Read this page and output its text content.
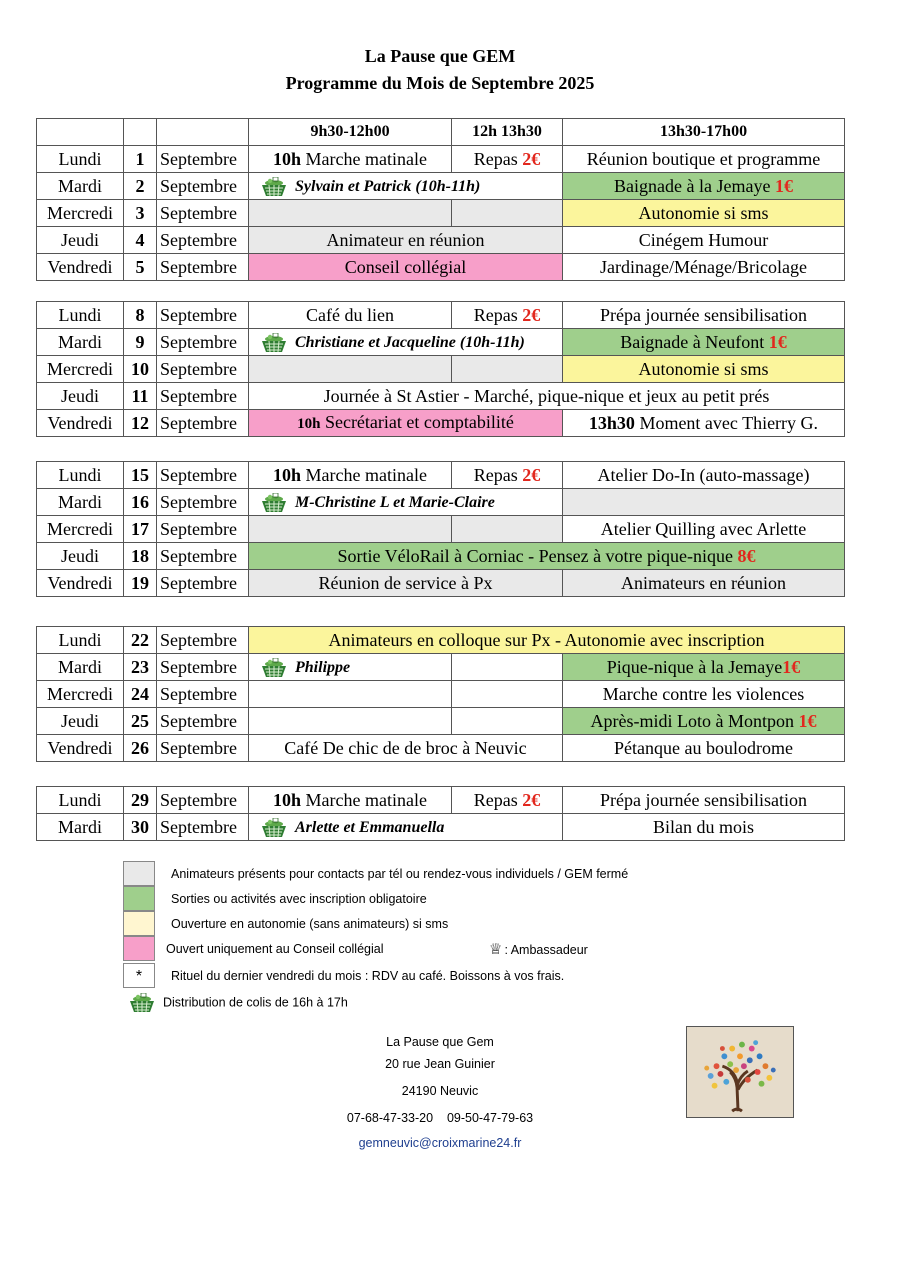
La Pause que GEM
Programme du Mois de Septembre 2025
			9h30-12h00	12h 13h30	13h30-17h00
Lundi	1	Septembre	10h Marche matinale	Repas 2€	Réunion boutique et programme
Mardi	2	Septembre	Sylvain et Patrick (10h-11h)		Baignade à la Jemaye 1€
Mercredi	3	Septembre			Autonomie si sms
Jeudi	4	Septembre	Animateur en réunion		Cinégem Humour
Vendredi	5	Septembre	Conseil collégial		Jardinage/Ménage/Bricolage
Lundi	8	Septembre	Café du lien	Repas 2€	Prépa journée sensibilisation
Mardi	9	Septembre	Christiane et Jacqueline (10h-11h)		Baignade à Neufont 1€
Mercredi	10	Septembre			Autonomie si sms
Jeudi	11	Septembre	Journée à St Astier - Marché, pique-nique et jeux au petit prés		
Vendredi	12	Septembre	10h Secrétariat et comptabilité		13h30 Moment avec Thierry G.
Lundi	15	Septembre	10h Marche matinale	Repas 2€	Atelier Do-In (auto-massage)
Mardi	16	Septembre	M-Christine L et Marie-Claire		
Mercredi	17	Septembre			Atelier Quilling avec Arlette
Jeudi	18	Septembre	Sortie VéloRail à Corniac - Pensez à votre pique-nique 8€		
Vendredi	19	Septembre	Réunion de service à Px		Animateurs en réunion
Lundi	22	Septembre	Animateurs en colloque sur Px - Autonomie avec inscription		
Mardi	23	Septembre	Philippe		Pique-nique à la Jemaye1€
Mercredi	24	Septembre			Marche contre les violences
Jeudi	25	Septembre			Après-midi Loto à Montpon 1€
Vendredi	26	Septembre	Café De chic de de broc à Neuvic		Pétanque au boulodrome
Lundi	29	Septembre	10h Marche matinale	Repas 2€	Prépa journée sensibilisation
Mardi	30	Septembre	Arlette et Emmanuella		Bilan du mois
Animateurs présents pour contacts par tél ou rendez-vous individuels / GEM fermé
Sorties ou activités avec inscription obligatoire
Ouverture en autonomie (sans animateurs) si sms
Ouvert uniquement au Conseil collégial	♕ : Ambassadeur
*	Rituel du dernier vendredi du mois : RDV au café. Boissons à vos frais.
Distribution de colis de 16h à 17h
La Pause que Gem
20 rue Jean Guinier
24190 Neuvic
07-68-47-33-20 09-50-47-79-63
gemneuvic@croixmarine24.fr
